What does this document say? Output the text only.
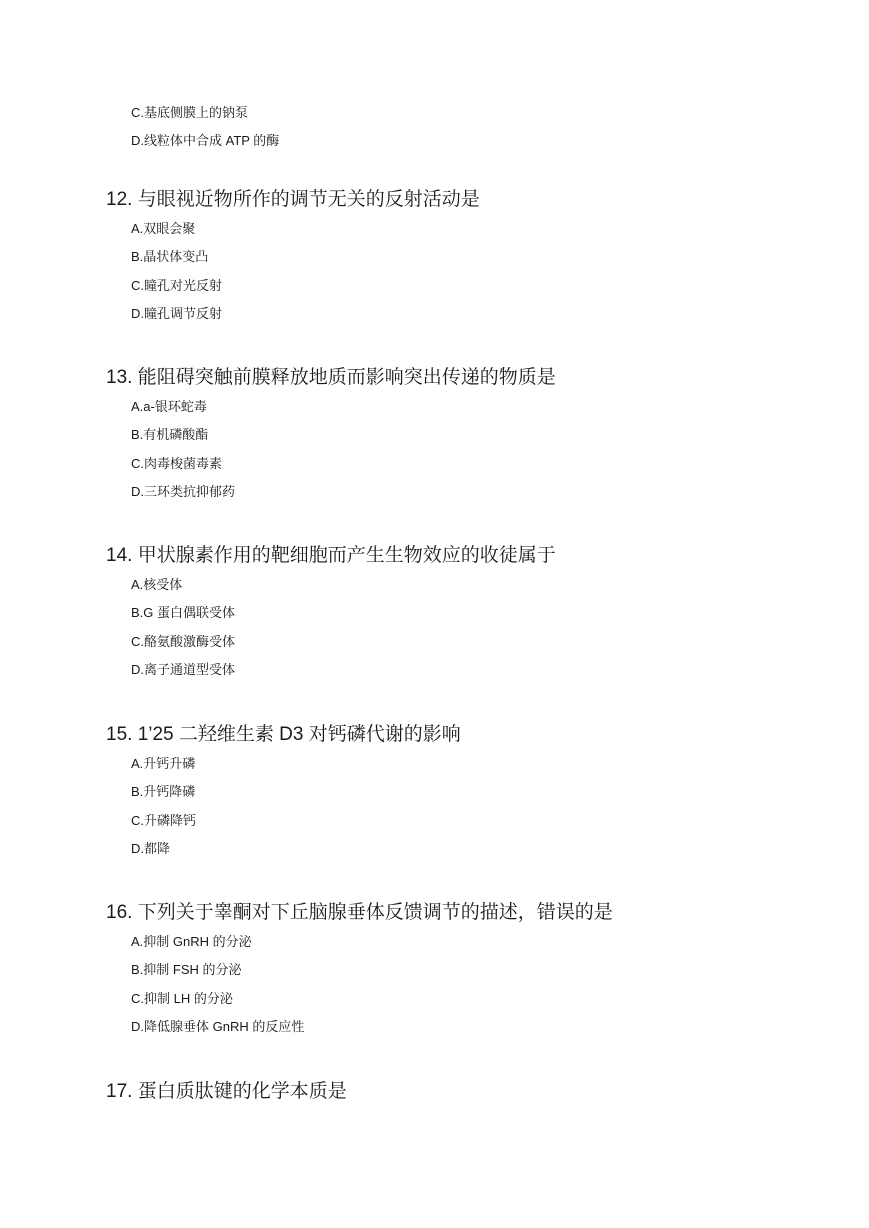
C.基底侧膜上的钠泵
D.线粒体中合成 ATP 的酶
12. 与眼视近物所作的调节无关的反射活动是
A.双眼会聚
B.晶状体变凸
C.瞳孔对光反射
D.瞳孔调节反射
13. 能阻碍突触前膜释放地质而影响突出传递的物质是
A.a-银环蛇毒
B.有机磷酸酯
C.肉毒梭菌毒素
D.三环类抗抑郁药
14. 甲状腺素作用的靶细胞而产生生物效应的收徒属于
A.核受体
B.G 蛋白偶联受体
C.酪氨酸激酶受体
D.离子通道型受体
15. 1’25 二羟维生素 D3 对钙磷代谢的影响
A.升钙升磷
B.升钙降磷
C.升磷降钙
D.都降
16. 下列关于睾酮对下丘脑腺垂体反馈调节的描述，错误的是
A.抑制 GnRH 的分泌
B.抑制 FSH 的分泌
C.抑制 LH 的分泌
D.降低腺垂体 GnRH 的反应性
17. 蛋白质肽键的化学本质是
